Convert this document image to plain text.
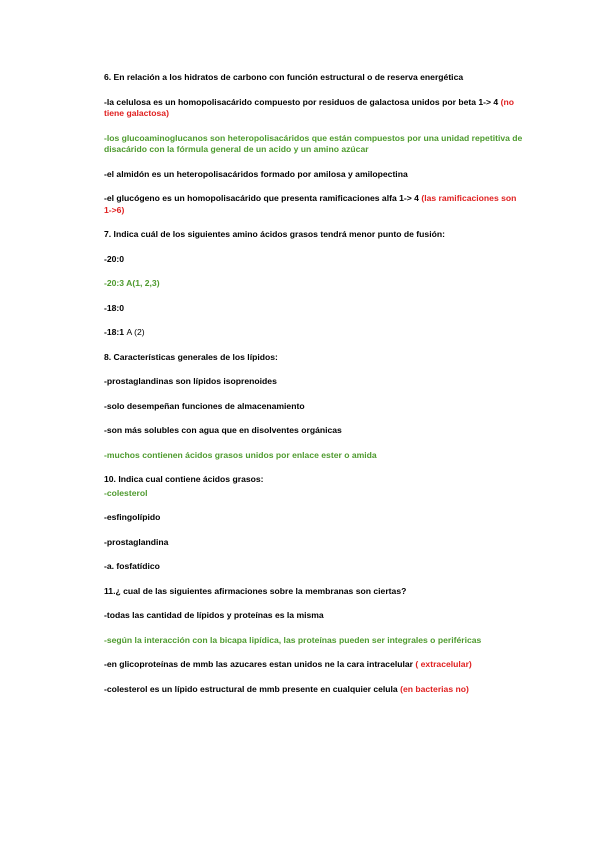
6. En relación a los hidratos de carbono con función estructural o de reserva energética

-la celulosa es un homopolisacárido compuesto por residuos de galactosa unidos por beta 1-> 4 (no tiene galactosa)

-los glucoaminoglucanos son heteropolisacáridos que están compuestos por una unidad repetitiva de disacárido con la fórmula general de un acido y un amino azúcar

-el almidón es un heteropolisacáridos formado por amilosa y amilopectina

-el glucógeno es un homopolisacárido que presenta ramificaciones alfa 1-> 4 (las ramificaciones son 1->6)

7. Indica cuál de los siguientes amino ácidos grasos tendrá menor punto de fusión:

-20:0

-20:3 A(1, 2,3)

-18:0

-18:1 A (2)

8. Características generales de los lípidos:

-prostaglandinas son lípidos isoprenoides

-solo desempeñan funciones de almacenamiento

-son más solubles con agua que en disolventes orgánicas

-muchos contienen ácidos grasos unidos por enlace ester o amida

10. Indica cual contiene ácidos grasos:

-colesterol

-esfingolípido

-prostaglandina

-a. fosfatídico

11.¿ cual de las siguientes afirmaciones sobre la membranas son ciertas?

-todas las cantidad de lípidos y proteínas es la misma

-según la interacción con la bicapa lipídica, las proteínas pueden ser integrales o periféricas

-en glicoproteínas de mmb las azucares estan unidos ne la cara intracelular ( extracelular)

-colesterol es un lípido estructural de mmb presente en cualquier celula (en bacterias no)
